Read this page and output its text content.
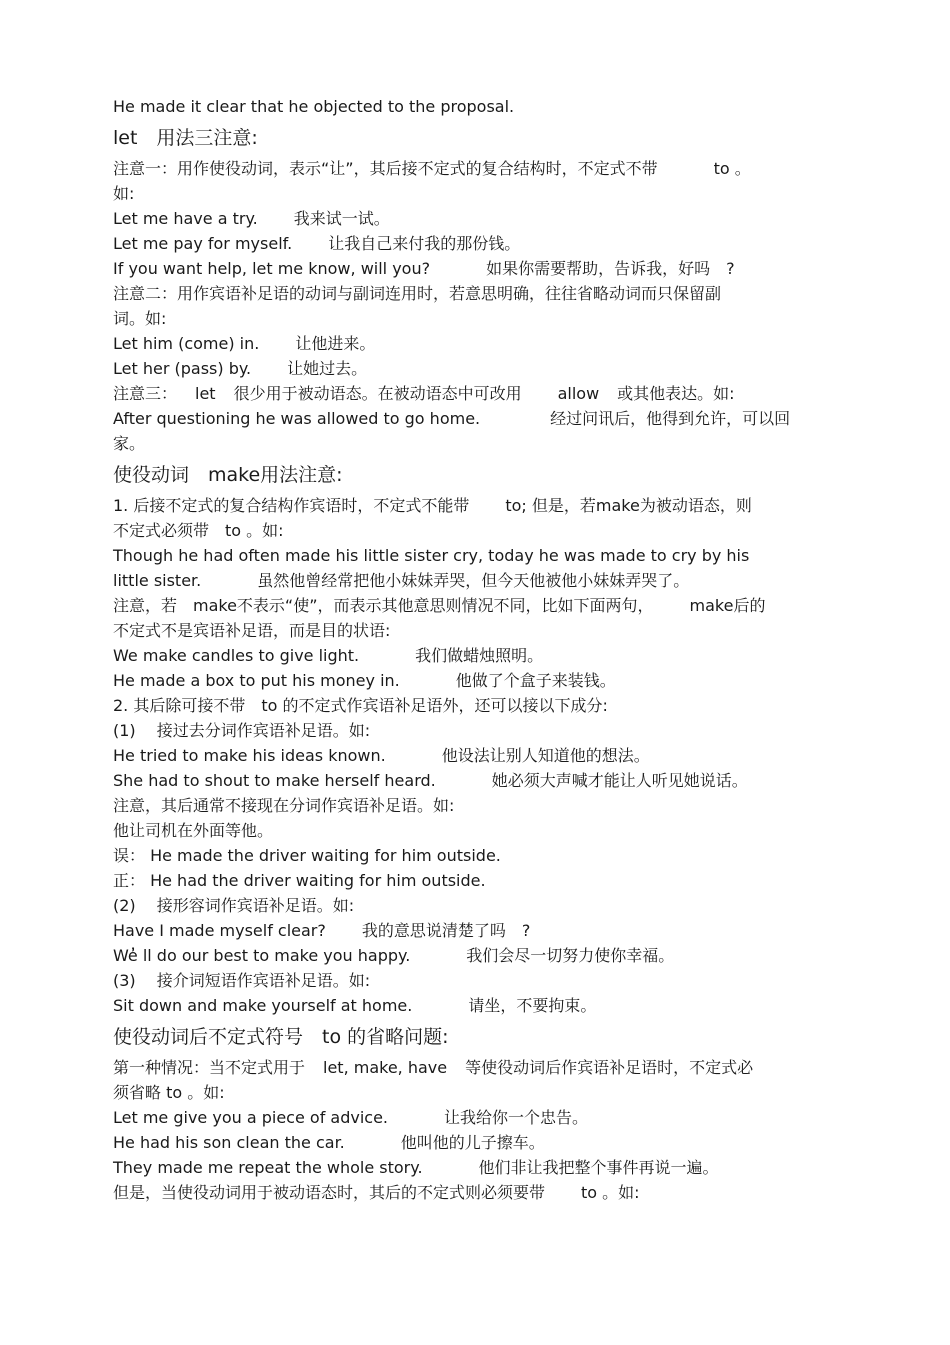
He made it clear that he objected to the proposal.

let　用法三注意:

注意一：用作使役动词，表示“让”，其后接不定式的复合结构时，不定式不带	to 。

如:

Let me have a try. 我来试一试。

Let me pay for myself. 让我自己来付我的那份钱。

If you want help, let me know, will you?	如果你需要帮助，告诉我，好吗　?

注意二：用作宾语补足语的动词与副词连用时，若意思明确，往往省略动词而只保留副

词。如:

Let him (come) in. 让他进来。

Let her (pass) by. 让她过去。

注意三： let 很少用于被动语态。在被动语态中可改用 allow 或其他表达。如:

After questioning he was allowed to go home.	经过问讯后，他得到允许，可以回

家。

使役动词　make用法注意:

1. 后接不定式的复合结构作宾语时，不定式不能带 to; 但是，若make为被动语态，则

不定式必须带　to 。如:

Though he had often made his little sister cry, today he was made to cry by his

little sister.	虽然他曾经常把他小妹妹弄哭，但今天他被他小妹妹弄哭了。

注意，若　make不表示“使”，而表示其他意思则情况不同，比如下面两句， make后的

不定式不是宾语补足语，而是目的状语:

We make candles to give light.	我们做蜡烛照明。

He made a box to put his money in.	他做了个盒子来装钱。

2. 其后除可接不带　to 的不定式作宾语补足语外，还可以接以下成分:

(1)　 接过去分词作宾语补足语。如:

He tried to make his ideas known.	他设法让别人知道他的想法。

She had to shout to make herself heard.	她必须大声喊才能让人听见她说话。

注意，其后通常不接现在分词作宾语补足语。如:

他让司机在外面等他。

误： He made the driver waiting for him outside.

正： He had the driver waiting for him outside.

(2)　 接形容词作宾语补足语。如:

Have I made myself clear? 我的意思说清楚了吗　?

We̓ ll do our best to make you happy.	我们会尽一切努力使你幸福。

(3)　 接介词短语作宾语补足语。如:

Sit down and make yourself at home.	请坐，不要拘束。

使役动词后不定式符号　to 的省略问题:

第一种情况：当不定式用于 let, make, have 等使役动词后作宾语补足语时，不定式必

须省略 to 。如:

Let me give you a piece of advice.	让我给你一个忠告。

He had his son clean the car.	他叫他的儿子擦车。

They made me repeat the whole story.	他们非让我把整个事件再说一遍。

但是，当使役动词用于被动语态时，其后的不定式则必须要带 to 。如:
